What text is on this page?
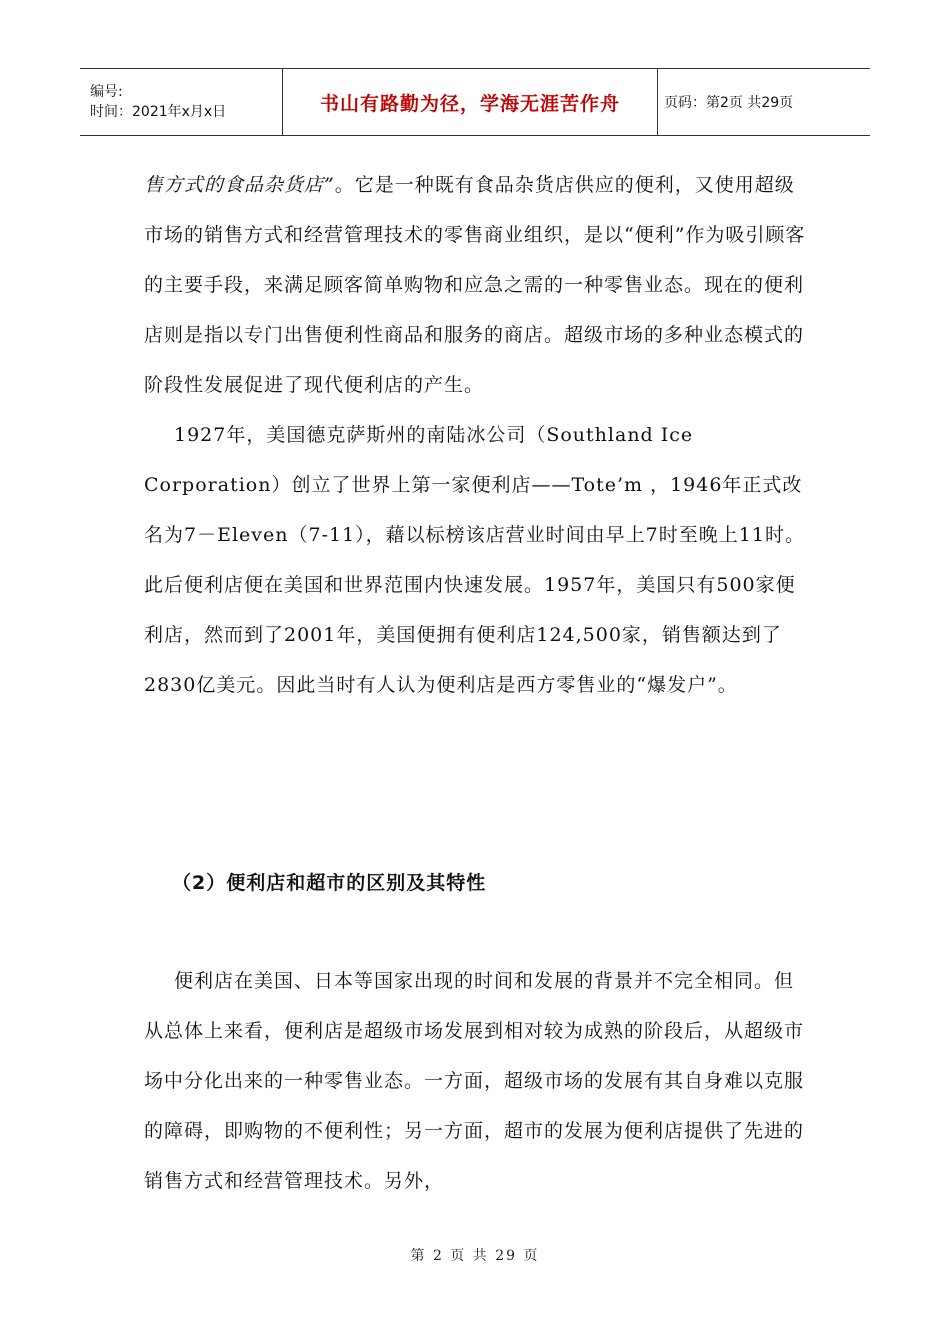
编号:
时间：2021年x月x日	书山有路勤为径，学海无涯苦作舟	页码：第2页 共29页

售方式的食品杂货店”。它是一种既有食品杂货店供应的便利，又使用超级市场的销售方式和经营管理技术的零售商业组织，是以“便利”作为吸引顾客的主要手段，来满足顾客简单购物和应急之需的一种零售业态。现在的便利店则是指以专门出售便利性商品和服务的商店。超级市场的多种业态模式的阶段性发展促进了现代便利店的产生。

1927年，美国德克萨斯州的南陆冰公司（Southland Ice Corporation）创立了世界上第一家便利店——Tote’m ，1946年正式改名为7－Eleven（7-11），藉以标榜该店营业时间由早上7时至晚上11时。此后便利店便在美国和世界范围内快速发展。1957年，美国只有500家便利店，然而到了2001年，美国便拥有便利店124,500家，销售额达到了2830亿美元。因此当时有人认为便利店是西方零售业的“爆发户”。

（2）便利店和超市的区别及其特性

便利店在美国、日本等国家出现的时间和发展的背景并不完全相同。但从总体上来看，便利店是超级市场发展到相对较为成熟的阶段后，从超级市场中分化出来的一种零售业态。一方面，超级市场的发展有其自身难以克服的障碍，即购物的不便利性；另一方面，超市的发展为便利店提供了先进的销售方式和经营管理技术。另外，

第 2 页 共 29 页
